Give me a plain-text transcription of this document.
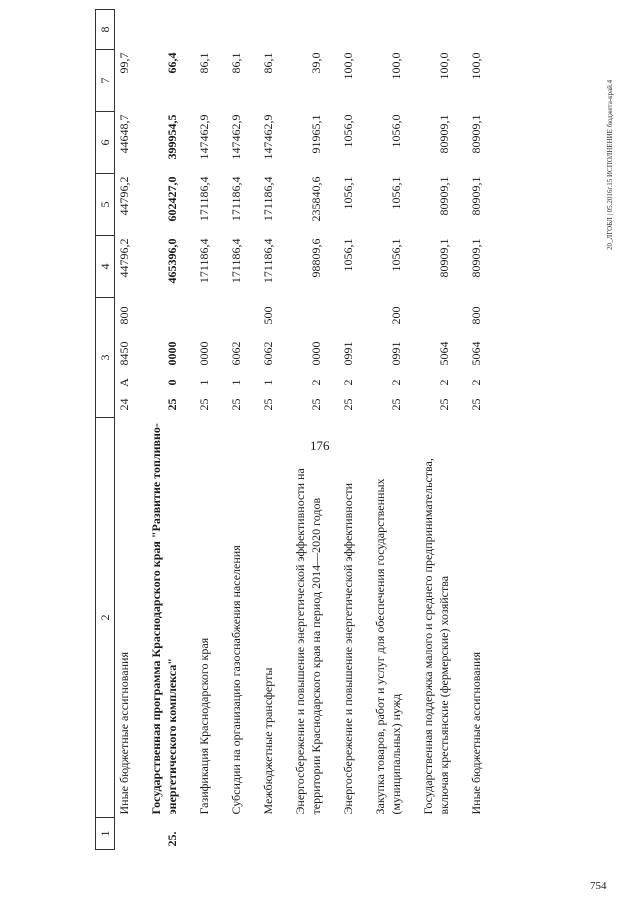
176
754
20_ЛГОБЛ | 05.2016г.15 ИСПОЛНЕНИЕ бюджета-край.4
1	2	3				4	5	6	7	8
	Иные бюджетные ассигнования	24	А	8450	800	44796,2	44796,2	44648,7	99,7	

25.	Государственная программа Краснодарского края "Развитие топливно-энергетического комплекса"	25	0	0000		465396,0	602427,0	399954,5	66,4	

	Газификация Краснодарского края	25	1	0000		171186,4	171186,4	147462,9	86,1	

	Субсидии на организацию газоснабжения населения	25	1	6062		171186,4	171186,4	147462,9	86,1	

	Межбюджетные трансферты	25	1	6062	500	171186,4	171186,4	147462,9	86,1	

	Энергосбережение и повышение энергетической эффективности на территории Краснодарского края на период 2014—2020 годов	25	2	0000		98809,6	235840,6	91965,1	39,0	

	Энергосбережение и повышение энергетической эффективности	25	2	0991		1056,1	1056,1	1056,0	100,0	

	Закупка товаров, работ и услуг для обеспечения государственных (муниципальных) нужд	25	2	0991	200	1056,1	1056,1	1056,0	100,0	

	Государственная поддержка малого и среднего предпринимательства, включая крестьянские (фермерские) хозяйства	25	2	5064		80909,1	80909,1	80909,1	100,0	

	Иные бюджетные ассигнования	25	2	5064	800	80909,1	80909,1	80909,1	100,0	
